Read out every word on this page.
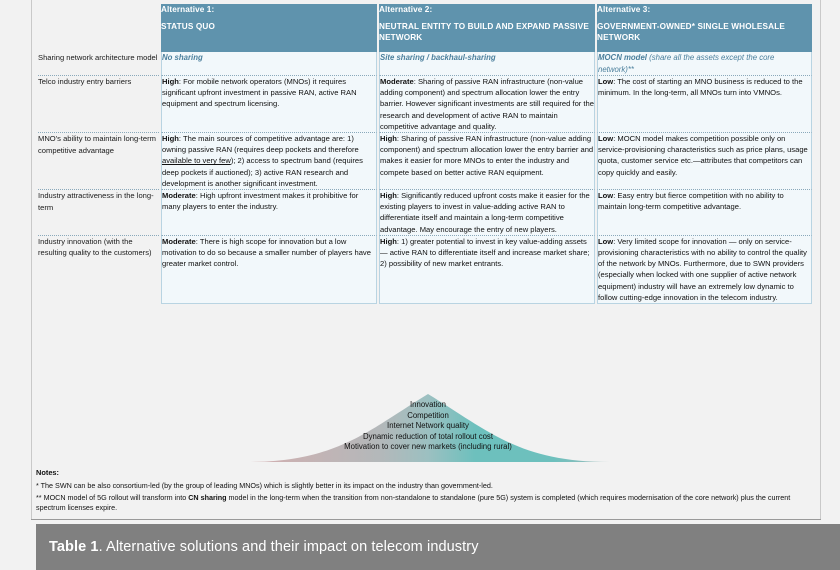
Alternative 1:
STATUS QUO

Alternative 2:
NEUTRAL ENTITY TO BUILD AND EXPAND PASSIVE NETWORK

Alternative 3:
GOVERNMENT-OWNED* SINGLE WHOLESALE NETWORK

Sharing network architecture model	No sharing	Site sharing / backhaul-sharing	MOCN model (share all the assets except the core network)**
Telco industry entry barriers	High: For mobile network operators (MNOs) it requires significant upfront investment in passive RAN, active RAN equipment and spectrum licensing.	Moderate: Sharing of passive RAN infrastructure (non-value adding component) and spectrum allocation lower the entry barrier. However significant investments are still required for the research and development of active RAN to maintain competitive advantage and quality.	Low: The cost of starting an MNO business is reduced to the minimum. In the long-term, all MNOs turn into VMNOs.
MNO's ability to maintain long-term competitive advantage	High: The main sources of competitive advantage are: 1) owning passive RAN (requires deep pockets and therefore available to very few); 2) access to spectrum band (requires deep pockets if auctioned); 3) active RAN research and development is another significant investment.	High: Sharing of passive RAN infrastructure (non-value adding component) and spectrum allocation lower the entry barrier and makes it easier for more MNOs to enter the industry and compete based on better active RAN equipment.	Low: MOCN model makes competition possible only on service-provisioning characteristics such as price plans, usage quota, customer service etc.—attributes that competitors can copy quickly and easily.
Industry attractiveness in the long-term	Moderate: High upfront investment makes it prohibitive for many players to enter the industry.	High: Significantly reduced upfront costs make it easier for the existing players to invest in value-adding active RAN to differentiate itself and maintain a long-term competitive advantage. May encourage the entry of new players.	Low: Easy entry but fierce competition with no ability to maintain long-term competitive advantage.
Industry innovation (with the resulting quality to the customers)	Moderate: There is high scope for innovation but a low motivation to do so because a smaller number of players have greater market control.	High: 1) greater potential to invest in key value-adding assets — active RAN to differentiate itself and increase market share; 2) possibility of new market entrants.	Low: Very limited scope for innovation — only on service-provisioning characteristics with no ability to control the quality of the network by MNOs. Furthermore, due to SWN providers (especially when locked with one supplier of active network equipment) industry will have an extremely low dynamic to follow cutting-edge innovation in the telecom industry.
Innovation
Competition
Internet Network quality
Dynamic reduction of total rollout cost
Motivation to cover new markets (including rural)
Notes:

* The SWN can be also consortium-led (by the group of leading MNOs) which is slightly better in its impact on the industry than government-led.

** MOCN model of 5G rollout will transform into CN sharing model in the long-term when the transition from non-standalone to standalone (pure 5G) system is completed (which requires modernisation of the core network) plus the current spectrum licenses expire.

Table 1 . Alternative solutions and their impact on telecom industry
